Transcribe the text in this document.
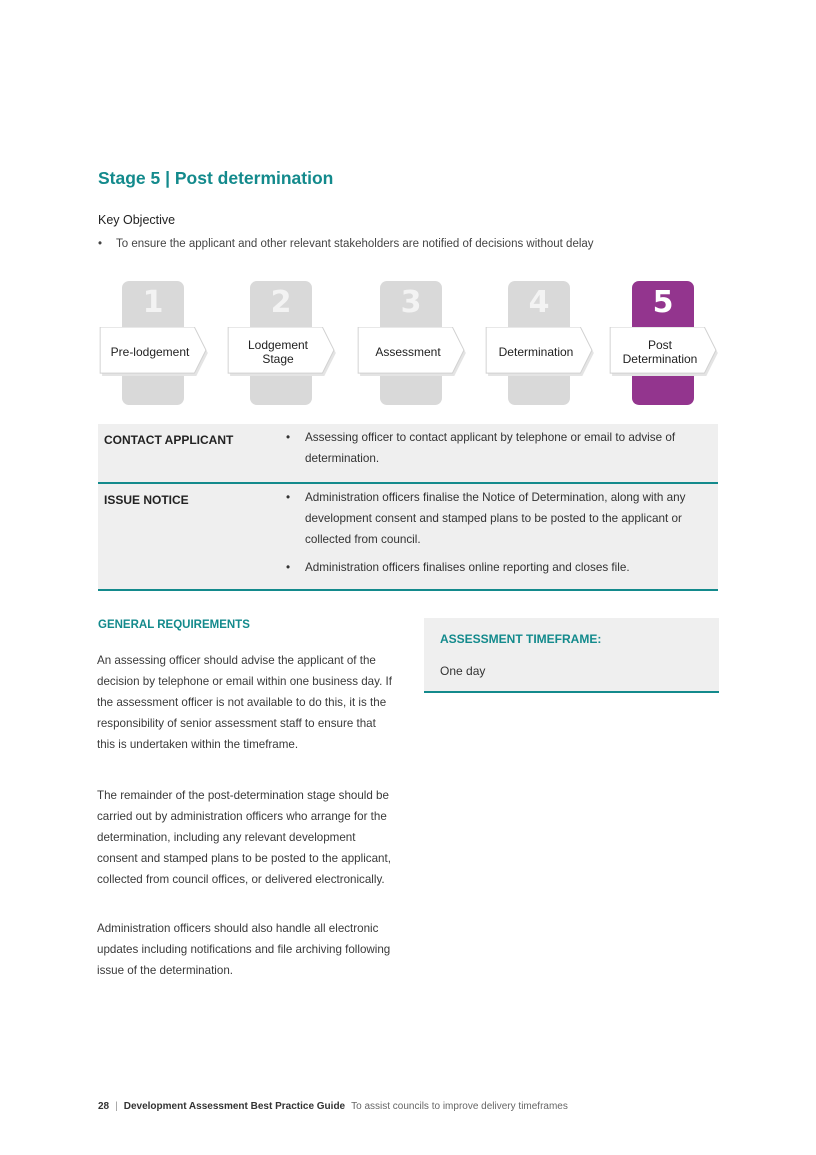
Stage 5 | Post determination
Key Objective
• To ensure the applicant and other relevant stakeholders are notified of decisions without delay
1
Pre-lodgement
2
Lodgement
Stage
3
Assessment
4
Determination
5
Post
Determination
CONTACT APPLICANT	• Assessing officer to contact applicant by telephone or email to advise of determination.
ISSUE NOTICE	• Administration officers finalise the Notice of Determination, along with any development consent and stamped plans to be posted to the applicant or collected from council.
• Administration officers finalises online reporting and closes file.
GENERAL REQUIREMENTS
An assessing officer should advise the applicant of the decision by telephone or email within one business day. If the assessment officer is not available to do this, it is the responsibility of senior assessment staff to ensure that this is undertaken within the timeframe.
The remainder of the post-determination stage should be carried out by administration officers who arrange for the determination, including any relevant development consent and stamped plans to be posted to the applicant, collected from council offices, or delivered electronically.
Administration officers should also handle all electronic updates including notifications and file archiving following issue of the determination.
ASSESSMENT TIMEFRAME:
One day
28 | Development Assessment Best Practice Guide To assist councils to improve delivery timeframes
